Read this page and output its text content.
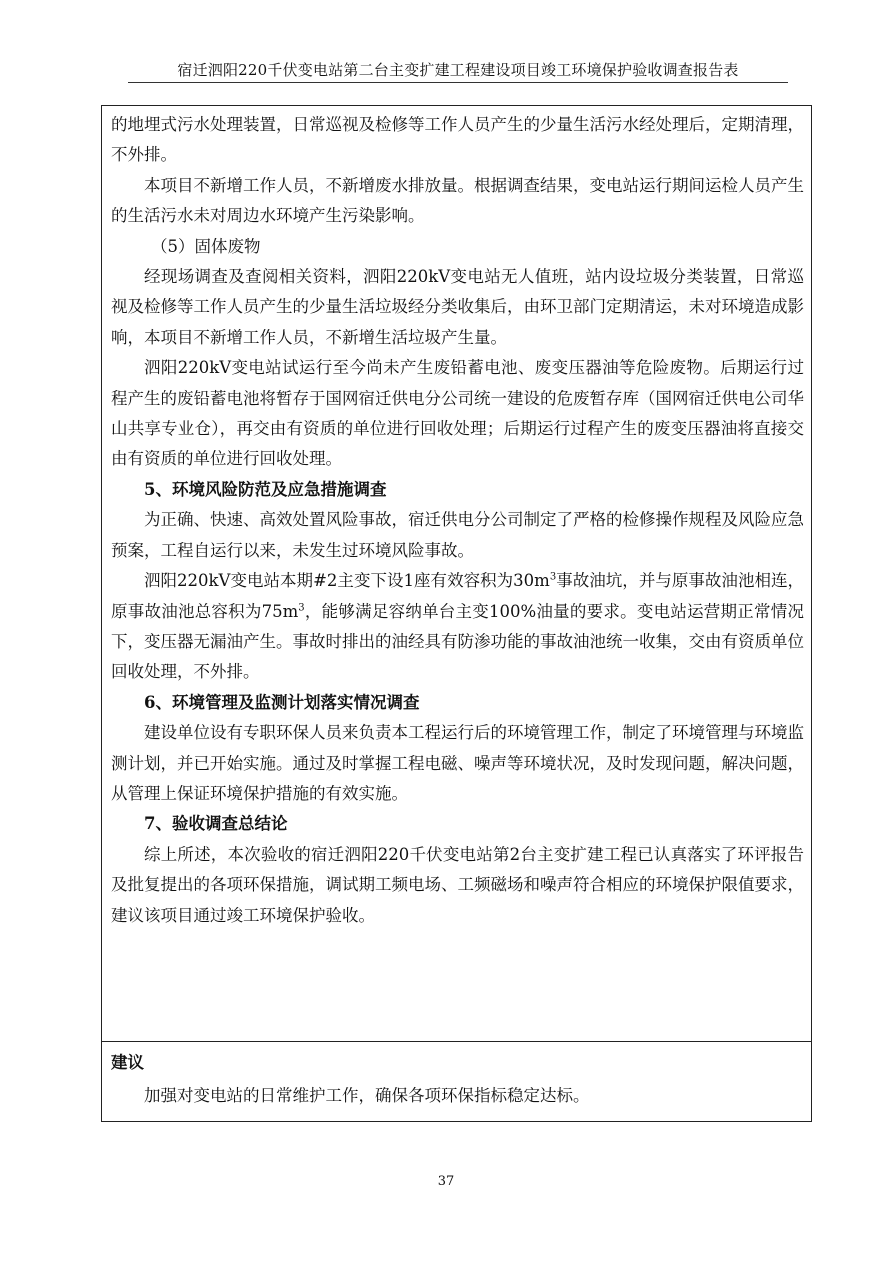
宿迁泗阳220千伏变电站第二台主变扩建工程建设项目竣工环境保护验收调查报告表

的地埋式污水处理装置，日常巡视及检修等工作人员产生的少量生活污水经处理后，定期清理，不外排。

本项目不新增工作人员，不新增废水排放量。根据调查结果，变电站运行期间运检人员产生的生活污水未对周边水环境产生污染影响。

（5）固体废物

经现场调查及查阅相关资料，泗阳220kV变电站无人值班，站内设垃圾分类装置，日常巡视及检修等工作人员产生的少量生活垃圾经分类收集后，由环卫部门定期清运，未对环境造成影响，本项目不新增工作人员，不新增生活垃圾产生量。

泗阳220kV变电站试运行至今尚未产生废铅蓄电池、废变压器油等危险废物。后期运行过程产生的废铅蓄电池将暂存于国网宿迁供电分公司统一建设的危废暂存库（国网宿迁供电公司华山共享专业仓），再交由有资质的单位进行回收处理；后期运行过程产生的废变压器油将直接交由有资质的单位进行回收处理。

5、环境风险防范及应急措施调查

为正确、快速、高效处置风险事故，宿迁供电分公司制定了严格的检修操作规程及风险应急预案，工程自运行以来，未发生过环境风险事故。

泗阳220kV变电站本期#2主变下设1座有效容积为$30m^3$事故油坑，并与原事故油池相连，原事故油池总容积为$75m^3$，能够满足容纳单台主变100%油量的要求。变电站运营期正常情况下，变压器无漏油产生。事故时排出的油经具有防渗功能的事故油池统一收集，交由有资质单位回收处理，不外排。

6、环境管理及监测计划落实情况调查

建设单位设有专职环保人员来负责本工程运行后的环境管理工作，制定了环境管理与环境监测计划，并已开始实施。通过及时掌握工程电磁、噪声等环境状况，及时发现问题，解决问题，从管理上保证环境保护措施的有效实施。

7、验收调查总结论

综上所述，本次验收的宿迁泗阳220千伏变电站第2台主变扩建工程已认真落实了环评报告及批复提出的各项环保措施，调试期工频电场、工频磁场和噪声符合相应的环境保护限值要求，建议该项目通过竣工环境保护验收。

建议

加强对变电站的日常维护工作，确保各项环保指标稳定达标。

37
